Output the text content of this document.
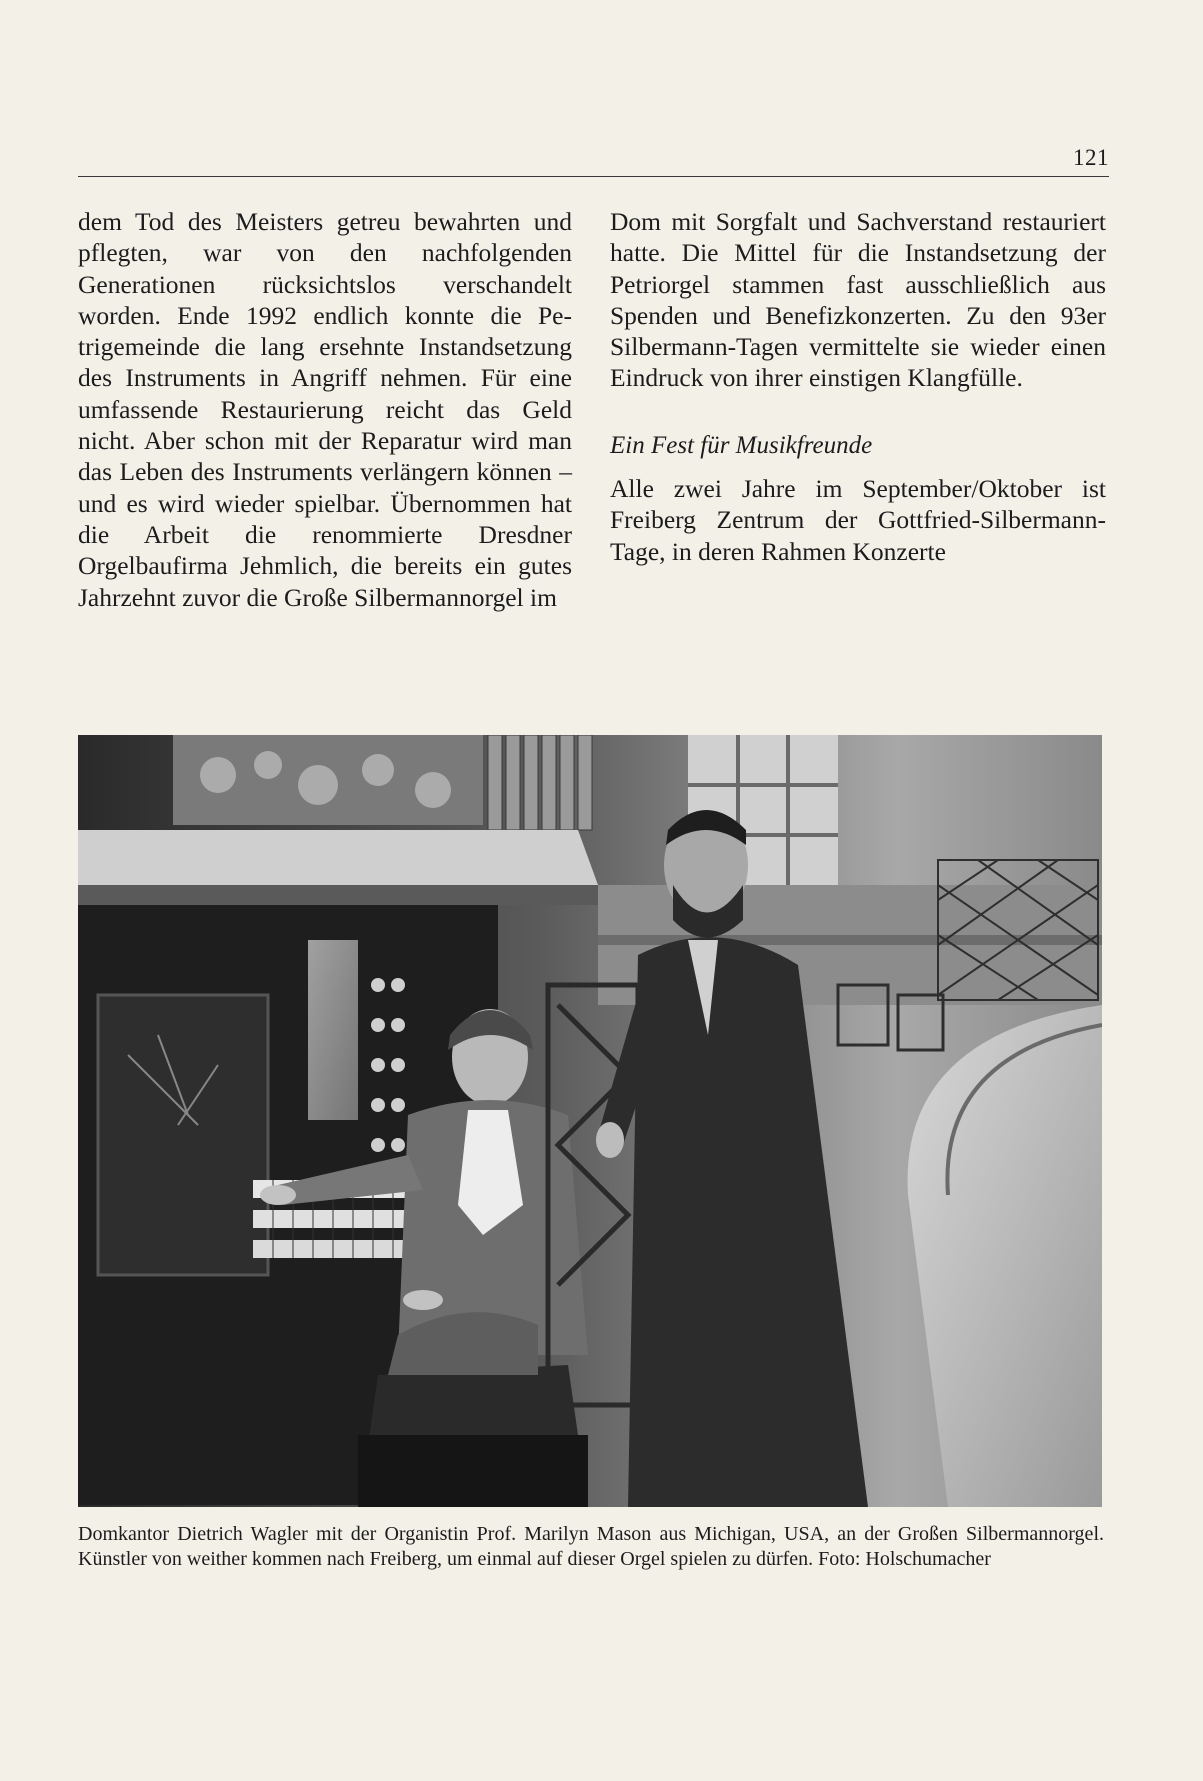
121

dem Tod des Meisters getreu bewahrten und pflegten, war von den nachfolgenden Generationen rücksichtslos verschandelt worden. Ende 1992 endlich konnte die Petrigemeinde die lang ersehnte Instandsetzung des Instruments in Angriff nehmen. Für eine umfassende Restaurierung reicht das Geld nicht. Aber schon mit der Reparatur wird man das Leben des Instruments verlängern können – und es wird wieder spielbar. Übernommen hat die Arbeit die renommierte Dresdner Orgelbaufirma Jehmlich, die bereits ein gutes Jahrzehnt zuvor die Große Silbermannorgel im

Dom mit Sorgfalt und Sachverstand restauriert hatte. Die Mittel für die Instandsetzung der Petriorgel stammen fast ausschließlich aus Spenden und Benefizkonzerten. Zu den 93er Silbermann-Tagen vermittelte sie wieder einen Eindruck von ihrer einstigen Klangfülle.

Ein Fest für Musikfreunde

Alle zwei Jahre im September/Oktober ist Freiberg Zentrum der Gottfried-Silbermann-Tage, in deren Rahmen Konzerte

Domkantor Dietrich Wagler mit der Organistin Prof. Marilyn Mason aus Michigan, USA, an der Großen Silbermannorgel. Künstler von weither kommen nach Freiberg, um einmal auf dieser Orgel spielen zu dürfen. Foto: Holschumacher
